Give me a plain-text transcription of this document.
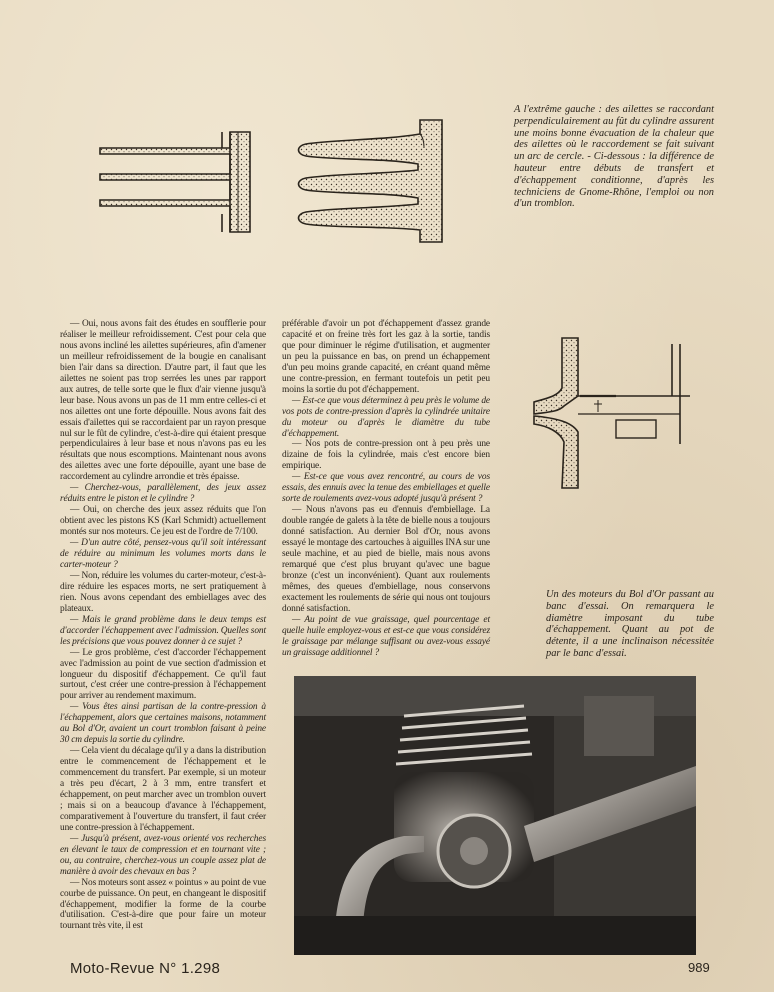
A l'extrême gauche : des ailettes se raccordant perpendiculairement au fût du cylindre assurent une moins bonne évacuation de la chaleur que des ailettes où le raccordement se fait suivant un arc de cercle. - Ci-dessous : la différence de hauteur entre débuts de transfert et d'échappement conditionne, d'après les techniciens de Gnome-Rhône, l'emploi ou non d'un tromblon.

— Oui, nous avons fait des études en soufflerie pour réaliser le meilleur refroidissement. C'est pour cela que nous avons incliné les ailettes supérieures, afin d'amener un meilleur refroidissement de la bougie en canalisant bien l'air dans sa direction. D'autre part, il faut que les ailettes ne soient pas trop serrées les unes par rapport aux autres, de telle sorte que le flux d'air vienne jusqu'à leur base. Nous avons un pas de 11 mm entre celles-ci et nos ailettes ont une forte dépouille. Nous avons fait des essais d'ailettes qui se raccordaient par un rayon presque nul sur le fût de cylindre, c'est-à-dire qui étaient presque perpendiculaires à leur base et nous n'avons pas eu les résultats que nous escomptions. Maintenant nous avons des ailettes avec une forte dépouille, ayant une base de raccordement au cylindre arrondie et très épaisse.

— Cherchez-vous, parallèlement, des jeux assez réduits entre le piston et le cylindre ?

— Oui, on cherche des jeux assez réduits que l'on obtient avec les pistons KS (Karl Schmidt) actuellement montés sur nos moteurs. Ce jeu est de l'ordre de 7/100.

— D'un autre côté, pensez-vous qu'il soit intéressant de réduire au minimum les volumes morts dans le carter-moteur ?

— Non, réduire les volumes du carter-moteur, c'est-à-dire réduire les espaces morts, ne sert pratiquement à rien. Nous avons cependant des embiellages avec des plateaux.

— Mais le grand problème dans le deux temps est d'accorder l'échappement avec l'admission. Quelles sont les précisions que vous pouvez donner à ce sujet ?

— Le gros problème, c'est d'accorder l'échappement avec l'admission au point de vue section d'admission et longueur du dispositif d'échappement. Ce qu'il faut surtout, c'est créer une contre-pression à l'échappement pour arriver au rendement maximum.

— Vous êtes ainsi partisan de la contre-pression à l'échappement, alors que certaines maisons, notamment au Bol d'Or, avaient un court tromblon faisant à peine 30 cm depuis la sortie du cylindre.

— Cela vient du décalage qu'il y a dans la distribution entre le commencement de l'échappement et le commencement du transfert. Par exemple, si un moteur a très peu d'écart, 2 à 3 mm, entre transfert et échappement, on peut marcher avec un tromblon ouvert ; mais si on a beaucoup d'avance à l'échappement, comparativement à l'ouverture du transfert, il faut créer une contre-pression à l'échappement.

— Jusqu'à présent, avez-vous orienté vos recherches en élevant le taux de compression et en tournant vite ; ou, au contraire, cherchez-vous un couple assez plat de manière à avoir des chevaux en bas ?

— Nos moteurs sont assez « pointus » au point de vue courbe de puissance. On peut, en changeant le dispositif d'échappement, modifier la forme de la courbe d'utilisation. C'est-à-dire que pour faire un moteur tournant très vite, il est

préférable d'avoir un pot d'échappement d'assez grande capacité et on freine très fort les gaz à la sortie, tandis que pour diminuer le régime d'utilisation, et augmenter un peu la puissance en bas, on prend un échappement d'un peu moins grande capacité, en créant quand même une contre-pression, en fermant toutefois un petit peu moins la sortie du pot d'échappement.

— Est-ce que vous déterminez à peu près le volume de vos pots de contre-pression d'après la cylindrée unitaire du moteur ou d'après le diamètre du tube d'échappement.

— Nos pots de contre-pression ont à peu près une dizaine de fois la cylindrée, mais c'est encore bien empirique.

— Est-ce que vous avez rencontré, au cours de vos essais, des ennuis avec la tenue des embiellages et quelle sorte de roulements avez-vous adopté jusqu'à présent ?

— Nous n'avons pas eu d'ennuis d'embiellage. La double rangée de galets à la tête de bielle nous a toujours donné satisfaction. Au dernier Bol d'Or, nous avons essayé le montage des cartouches à aiguilles INA sur une seule machine, et au pied de bielle, mais nous avons remarqué que c'est plus bruyant qu'avec une bague bronze (c'est un inconvénient). Quant aux roulements mêmes, des queues d'embiellage, nous conservons exactement les roulements de série qui nous ont toujours donné satisfaction.

— Au point de vue graissage, quel pourcentage et quelle huile employez-vous et est-ce que vous considérez le graissage par mélange suffisant ou avez-vous essayé un graissage additionnel ?

Un des moteurs du Bol d'Or passant au banc d'essai. On remarquera le diamètre imposant du tube d'échappement. Quant au pot de détente, il a une inclinaison nécessitée par le banc d'essai.
Moto-Revue N° 1.298	989
